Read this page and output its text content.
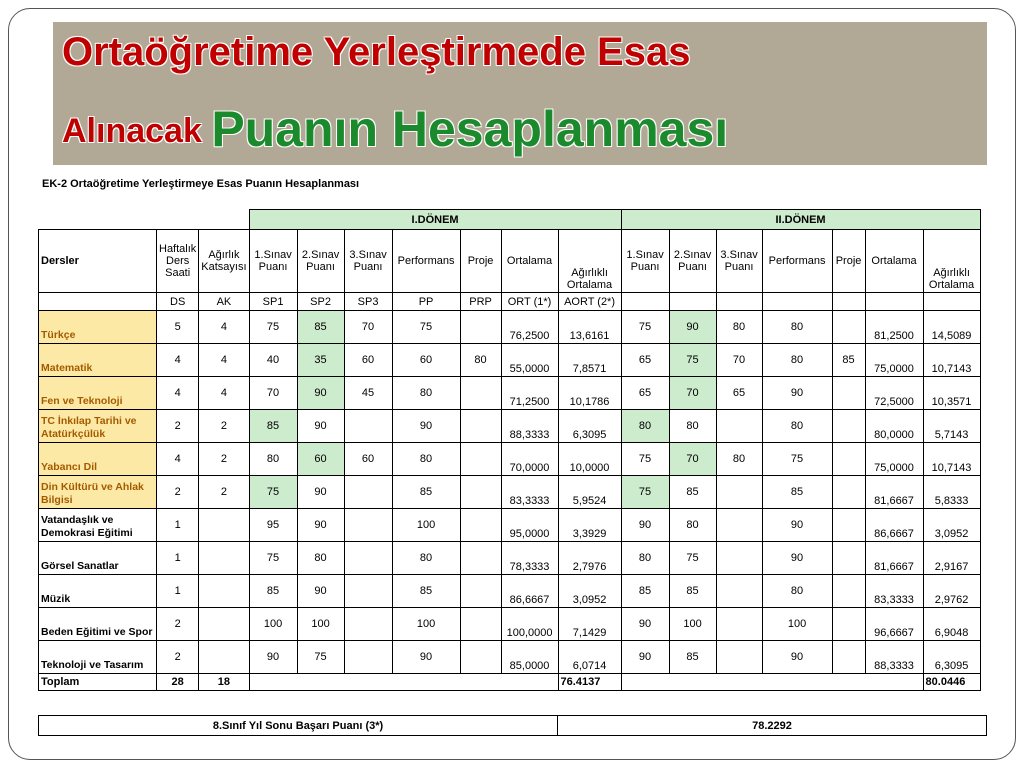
Ortaöğretime Yerleştirmede Esas
Alınacak Puanın Hesaplanması
EK-2 Ortaöğretime Yerleştirmeye Esas Puanın Hesaplanması
			I.DÖNEM							II.DÖNEM						
Dersler	Haftalık Ders Saati	Ağırlık Katsayısı	1.Sınav Puanı	2.Sınav Puanı	3.Sınav Puanı	Performans	Proje	Ortalama	Ağırlıklı Ortalama	1.Sınav Puanı	2.Sınav Puanı	3.Sınav Puanı	Performans	Proje	Ortalama	Ağırlıklı Ortalama
	DS	AK	SP1	SP2	SP3	PP	PRP	ORT (1*)	AORT (2*)							
Türkçe	5	4	75	85	70	75		76,2500	13,6161	75	90	80	80		81,2500	14,5089
Matematik	4	4	40	35	60	60	80	55,0000	7,8571	65	75	70	80	85	75,0000	10,7143
Fen ve Teknoloji	4	4	70	90	45	80		71,2500	10,1786	65	70	65	90		72,5000	10,3571
TC İnkılap Tarihi ve Atatürkçülük	2	2	85	90		90		88,3333	6,3095	80	80		80		80,0000	5,7143
Yabancı Dil	4	2	80	60	60	80		70,0000	10,0000	75	70	80	75		75,0000	10,7143
Din Kültürü ve Ahlak Bilgisi	2	2	75	90		85		83,3333	5,9524	75	85		85		81,6667	5,8333
Vatandaşlık ve Demokrasi Eğitimi	1		95	90		100		95,0000	3,3929	90	80		90		86,6667	3,0952
Görsel Sanatlar	1		75	80		80		78,3333	2,7976	80	75		90		81,6667	2,9167
Müzik	1		85	90		85		86,6667	3,0952	85	85		80		83,3333	2,9762
Beden Eğitimi ve Spor	2		100	100		100		100,0000	7,1429	90	100		100		96,6667	6,9048
Teknoloji ve Tasarım	2		90	75		90		85,0000	6,0714	90	85		90		88,3333	6,3095
Toplam	28	18							76.4137							80.0446
8.Sınıf Yıl Sonu Başarı Puanı (3*)	78.2292
